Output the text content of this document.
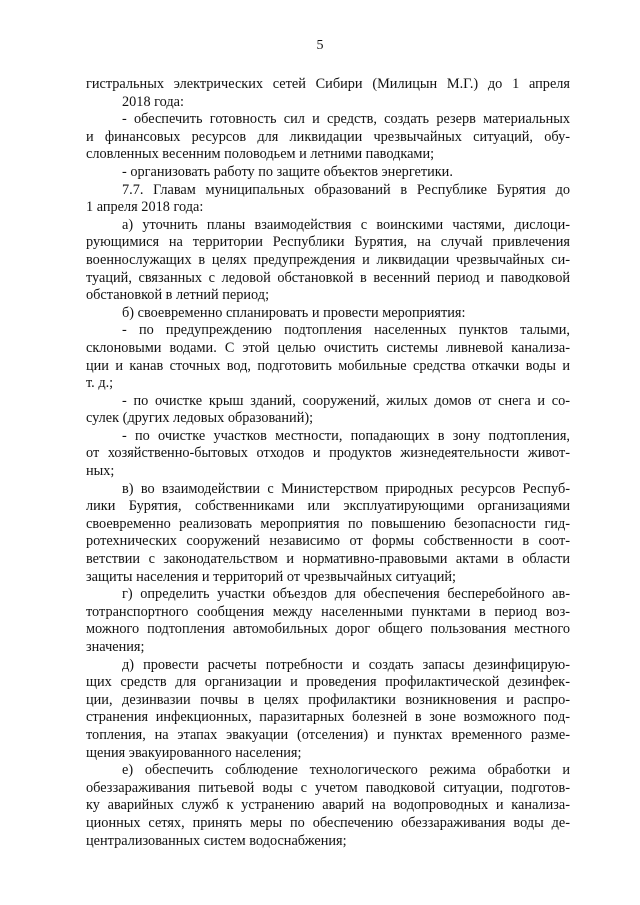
5
гистральных электрических сетей Сибири (Милицын М.Г.) до 1 апреля
2018 года:
- обеспечить готовность сил и средств, создать резерв материальных
и финансовых ресурсов для ликвидации чрезвычайных ситуаций, обу-
словленных весенним половодьем и летними паводками;
- организовать работу по защите объектов энергетики.
7.7. Главам муниципальных образований в Республике Бурятия до
1 апреля 2018 года:
а) уточнить планы взаимодействия с воинскими частями, дислоци-
рующимися на территории Республики Бурятия, на случай привлечения
военнослужащих в целях предупреждения и ликвидации чрезвычайных си-
туаций, связанных с ледовой обстановкой в весенний период и паводковой
обстановкой в летний период;
б) своевременно спланировать и провести мероприятия:
- по предупреждению подтопления населенных пунктов талыми,
склоновыми водами. С этой целью очистить системы ливневой канализа-
ции и канав сточных вод, подготовить мобильные средства откачки воды и
т. д.;
- по очистке крыш зданий, сооружений, жилых домов от снега и со-
сулек (других ледовых образований);
- по очистке участков местности, попадающих в зону подтопления,
от хозяйственно-бытовых отходов и продуктов жизнедеятельности живот-
ных;
в) во взаимодействии с Министерством природных ресурсов Респуб-
лики Бурятия, собственниками или эксплуатирующими организациями
своевременно реализовать мероприятия по повышению безопасности гид-
ротехнических сооружений независимо от формы собственности в соот-
ветствии с законодательством и нормативно-правовыми актами в области
защиты населения и территорий от чрезвычайных ситуаций;
г) определить участки объездов для обеспечения бесперебойного ав-
тотранспортного сообщения между населенными пунктами в период воз-
можного подтопления автомобильных дорог общего пользования местного
значения;
д) провести расчеты потребности и создать запасы дезинфицирую-
щих средств для организации и проведения профилактической дезинфек-
ции, дезинвазии почвы в целях профилактики возникновения и распро-
странения инфекционных, паразитарных болезней в зоне возможного под-
топления, на этапах эвакуации (отселения) и пунктах временного разме-
щения эвакуированного населения;
е) обеспечить соблюдение технологического режима обработки и
обеззараживания питьевой воды с учетом паводковой ситуации, подготов-
ку аварийных служб к устранению аварий на водопроводных и канализа-
ционных сетях, принять меры по обеспечению обеззараживания воды де-
централизованных систем водоснабжения;
